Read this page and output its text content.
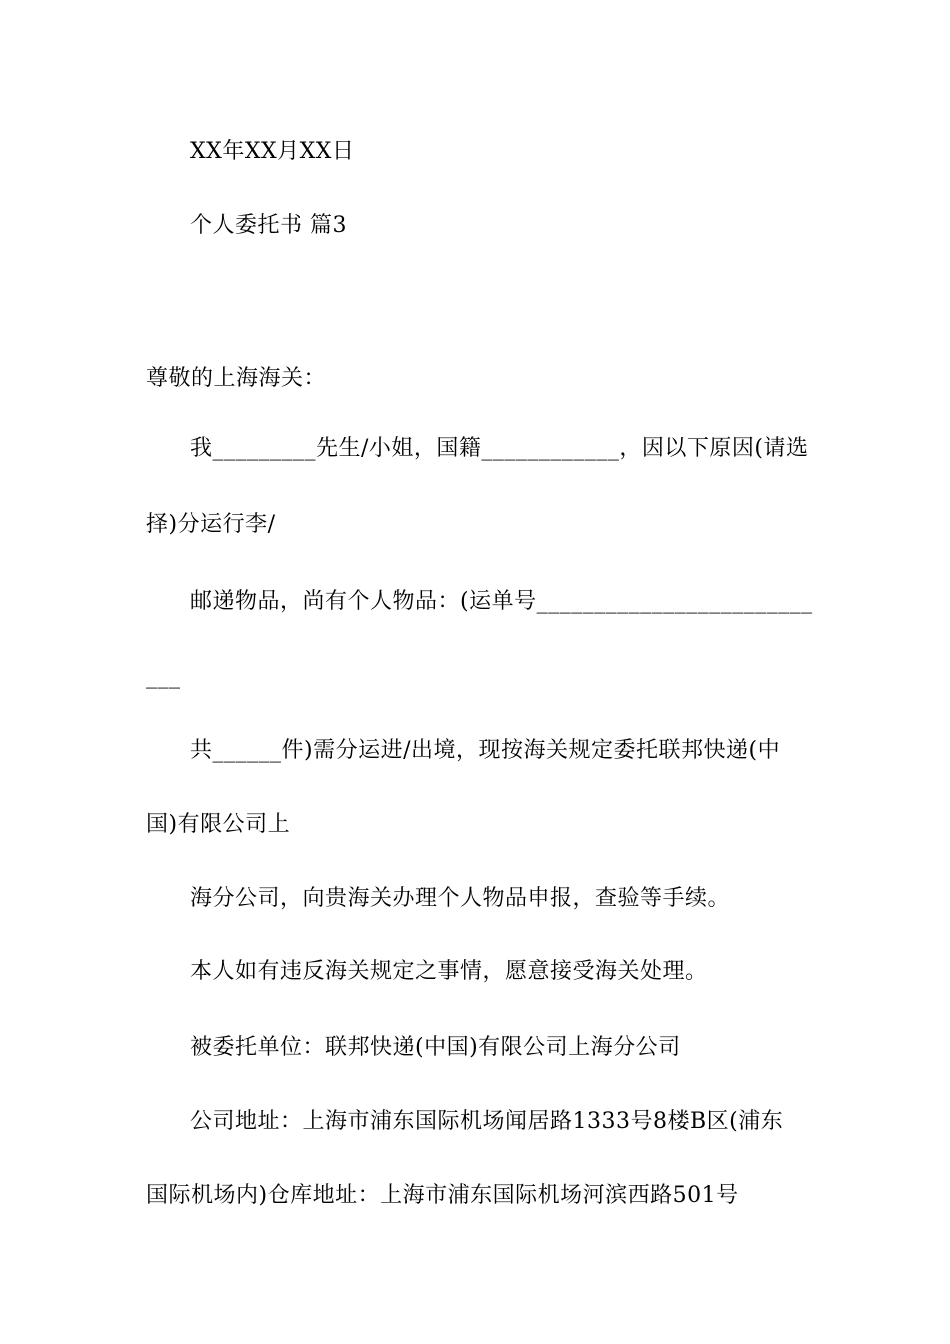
XX年XX月XX日
个人委托书 篇3
尊敬的上海海关：
我_________先生/小姐，国籍____________，因以下原因(请选
择)分运行李/
邮递物品，尚有个人物品：(运单号________________________
___
共______件)需分运进/出境，现按海关规定委托联邦快递(中
国)有限公司上
海分公司，向贵海关办理个人物品申报，查验等手续。
本人如有违反海关规定之事情，愿意接受海关处理。
被委托单位：联邦快递(中国)有限公司上海分公司
公司地址：上海市浦东国际机场闻居路1333号8楼B区(浦东
国际机场内)仓库地址：上海市浦东国际机场河滨西路501号
